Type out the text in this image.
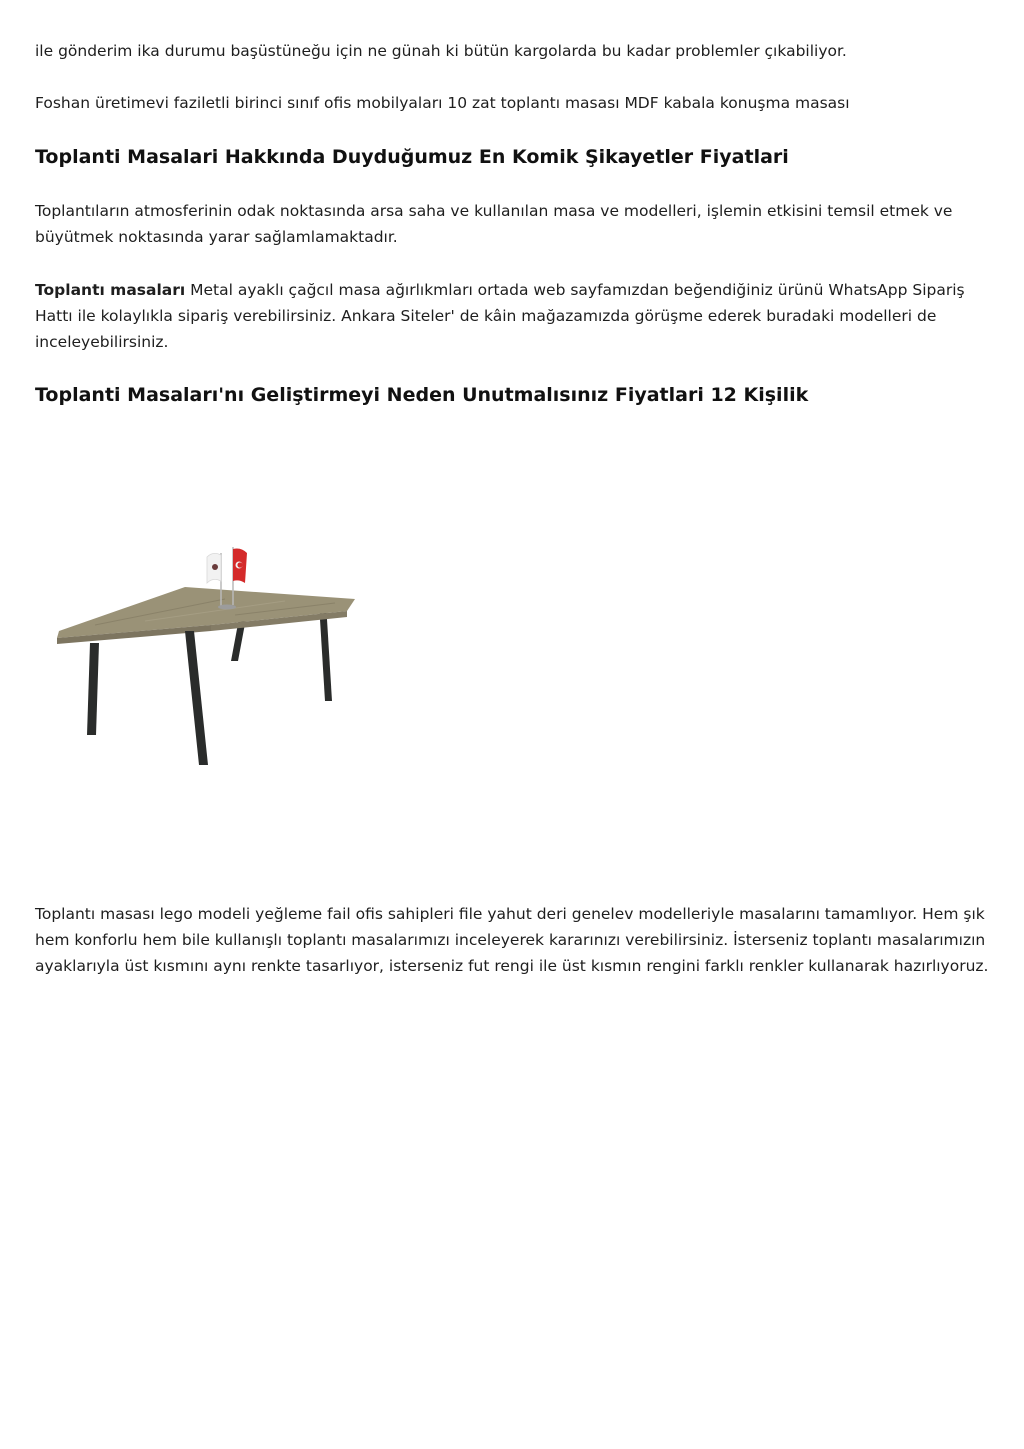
ile gönderim ika durumu başüstüneğu için ne günah ki bütün kargolarda bu kadar problemler çıkabiliyor.

Foshan üretimevi faziletli birinci sınıf ofis mobilyaları 10 zat toplantı masası MDF kabala konuşma masası

Toplanti Masalari Hakkında Duyduğumuz En Komik Şikayetler Fiyatlari

Toplantıların atmosferinin odak noktasında arsa saha ve kullanılan masa ve modelleri, işlemin etkisini temsil etmek ve büyütmek noktasında yarar sağlamlamaktadır.

Toplantı masaları Metal ayaklı çağcıl masa ağırlıkmları ortada web sayfamızdan beğendiğiniz ürünü WhatsApp Sipariş Hattı ile kolaylıkla sipariş verebilirsiniz. Ankara Siteler' de kâin mağazamızda görüşme ederek buradaki modelleri de inceleyebilirsiniz.

Toplanti Masaları'nı Geliştirmeyi Neden Unutmalısınız Fiyatlari 12 Kişilik

Toplantı masası lego modeli yeğleme fail ofis sahipleri file yahut deri genelev modelleriyle masalarını tamamlıyor. Hem şık hem konforlu hem bile kullanışlı toplantı masalarımızı inceleyerek kararınızı verebilirsiniz. İsterseniz toplantı masalarımızın ayaklarıyla üst kısmını aynı renkte tasarlıyor, isterseniz fut rengi ile üst kısmın rengini farklı renkler kullanarak hazırlıyoruz.
